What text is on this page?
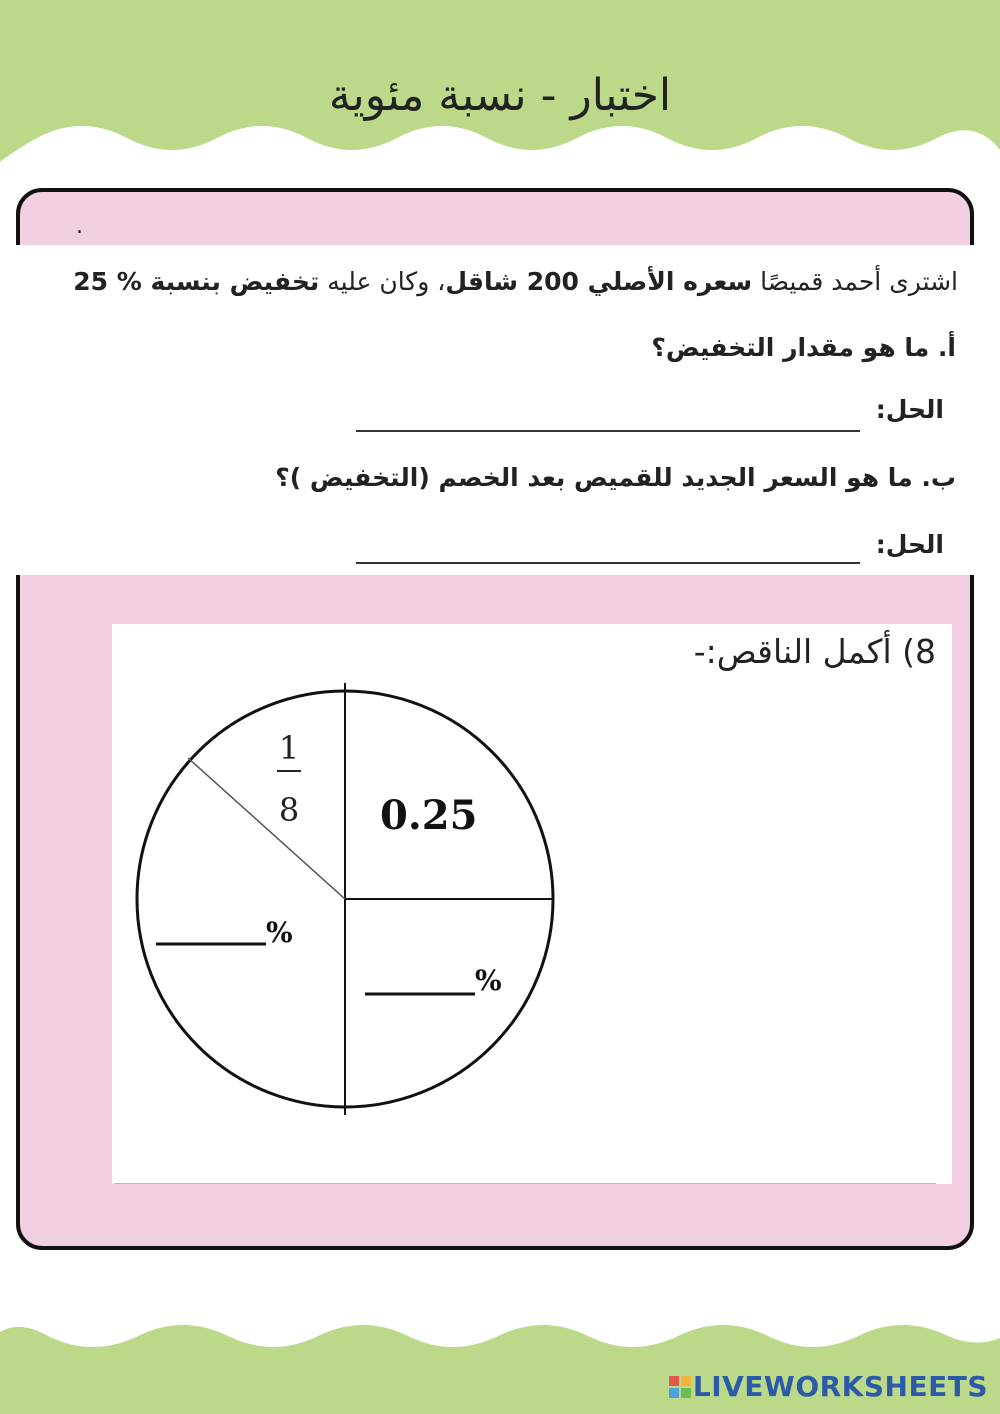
اختبار - نسبة مئوية
.
اشترى أحمد قميصًا سعره الأصلي 200 شاقل، وكان عليه تخفيض بنسبة % 25
أ. ما هو مقدار التخفيض؟
الحل:
ب. ما هو السعر الجديد للقميص بعد الخصم (التخفيض )؟
الحل:
8) أكمل الناقص:-
1
8 0.25
%
%
LIVEWORKSHEETS
